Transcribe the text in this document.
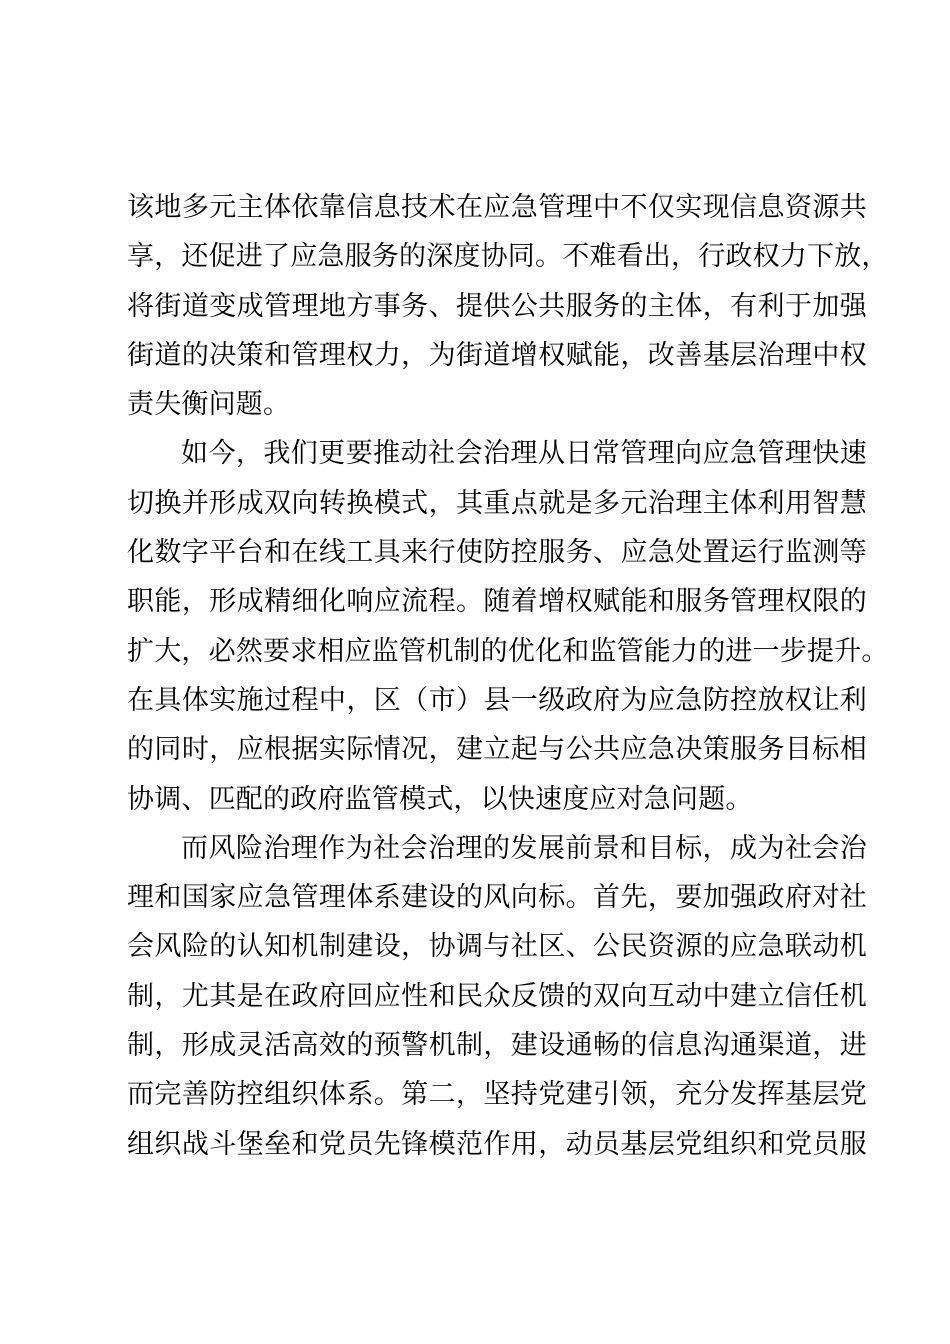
该地多元主体依靠信息技术在应急管理中不仅实现信息资源共
享，还促进了应急服务的深度协同。不难看出，行政权力下放，
将街道变成管理地方事务、提供公共服务的主体，有利于加强
街道的决策和管理权力，为街道增权赋能，改善基层治理中权
责失衡问题。
如今，我们更要推动社会治理从日常管理向应急管理快速
切换并形成双向转换模式，其重点就是多元治理主体利用智慧
化数字平台和在线工具来行使防控服务、应急处置运行监测等
职能，形成精细化响应流程。随着增权赋能和服务管理权限的
扩大，必然要求相应监管机制的优化和监管能力的进一步提升。
在具体实施过程中，区（市）县一级政府为应急防控放权让利
的同时，应根据实际情况，建立起与公共应急决策服务目标相
协调、匹配的政府监管模式，以快速度应对急问题。
而风险治理作为社会治理的发展前景和目标，成为社会治
理和国家应急管理体系建设的风向标。首先，要加强政府对社
会风险的认知机制建设，协调与社区、公民资源的应急联动机
制，尤其是在政府回应性和民众反馈的双向互动中建立信任机
制，形成灵活高效的预警机制，建设通畅的信息沟通渠道，进
而完善防控组织体系。第二，坚持党建引领，充分发挥基层党
组织战斗堡垒和党员先锋模范作用，动员基层党组织和党员服
